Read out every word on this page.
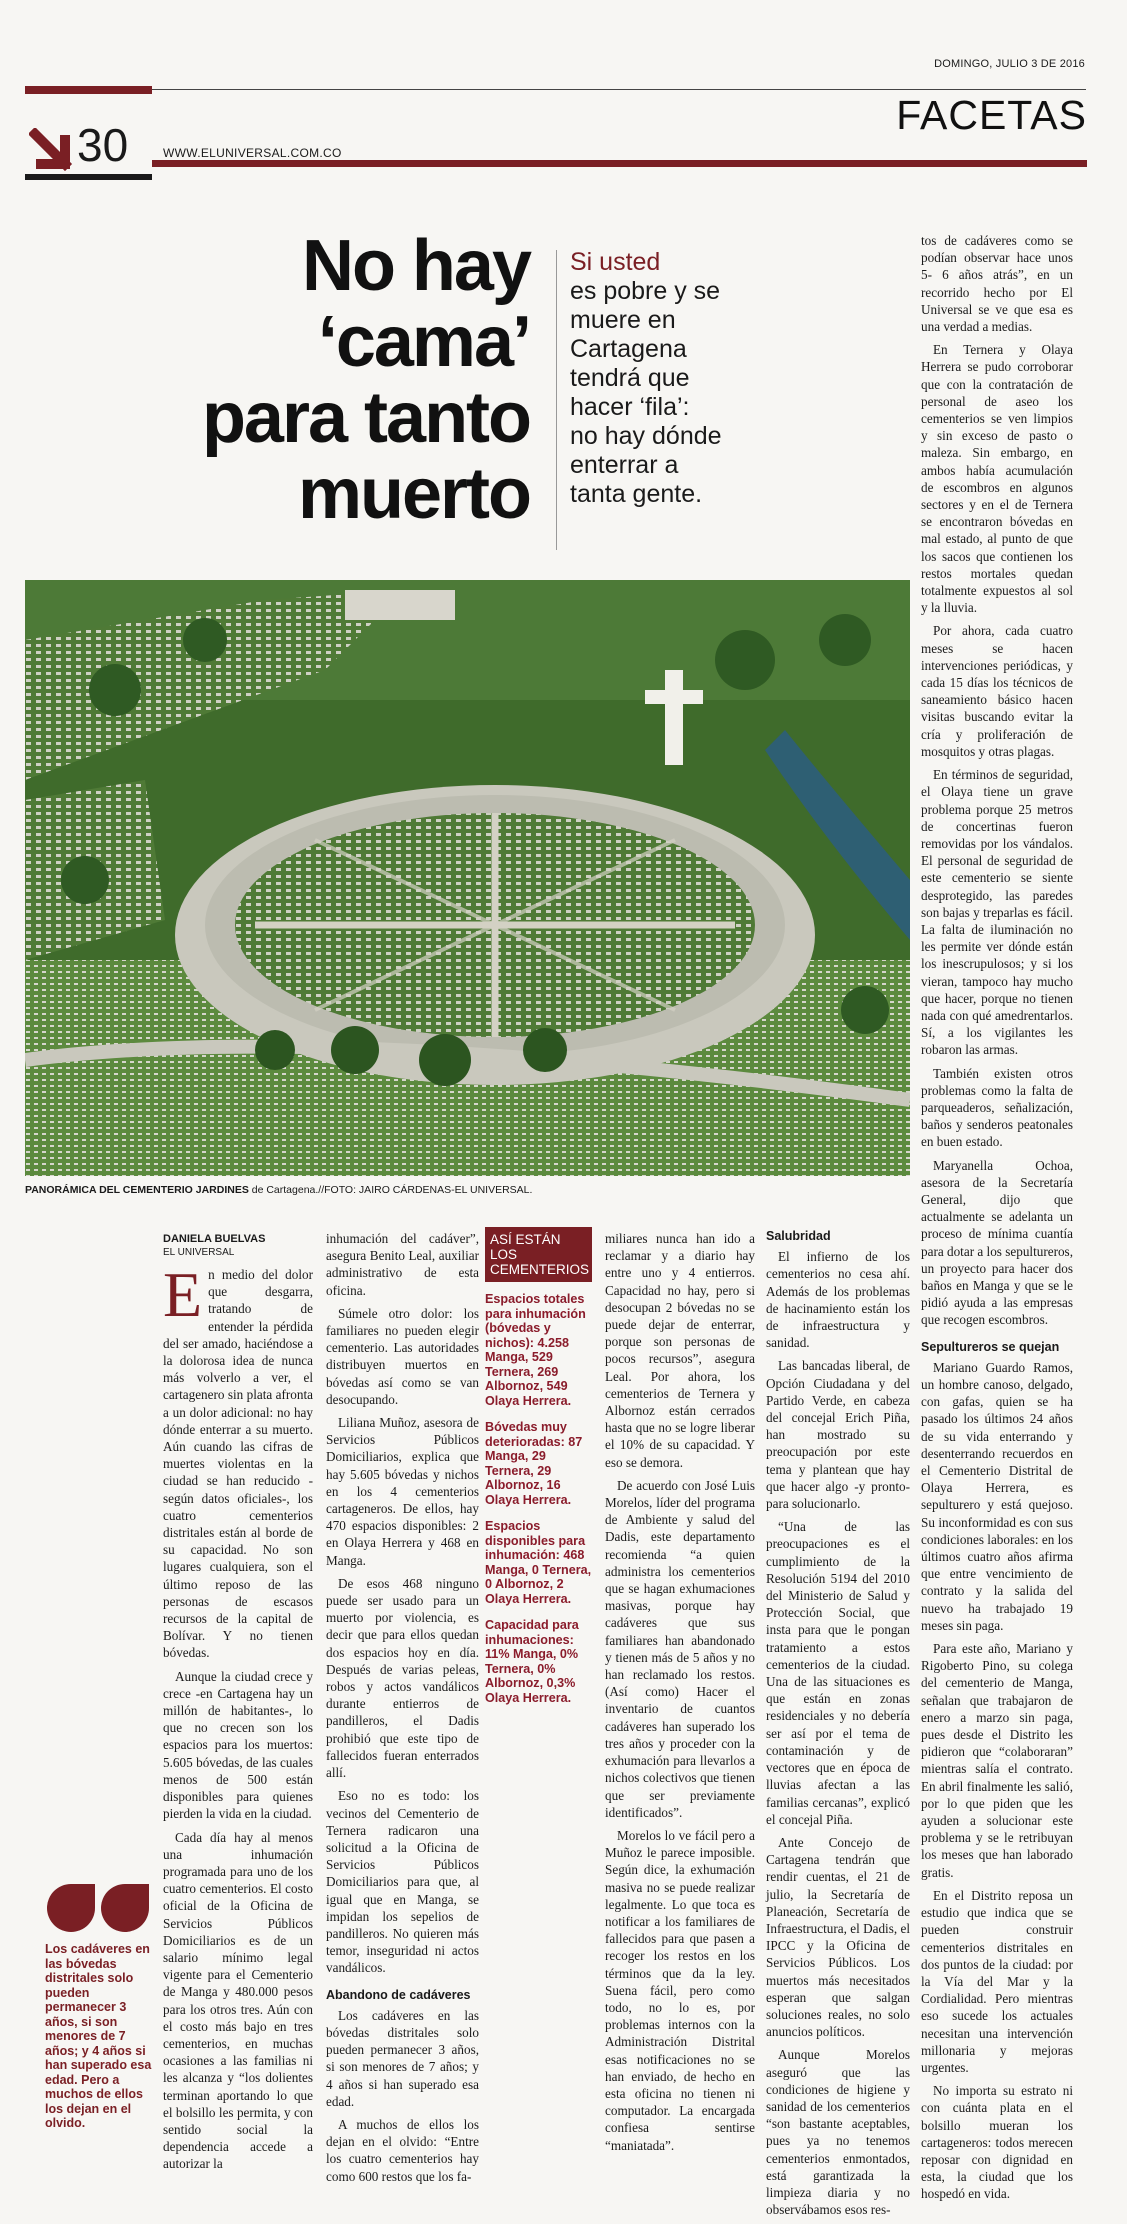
DOMINGO, JULIO 3 DE 2016
30	WWW.ELUNIVERSAL.COM.CO
FACETAS
No hay
‘cama’
para tanto
muerto
Si usted
es pobre y se
muere en
Cartagena
tendrá que
hacer ‘fila’:
no hay dónde
enterrar a
tanta gente.
PANORÁMICA DEL CEMENTERIO JARDINES de Cartagena.//FOTO: JAIRO CÁRDENAS-EL UNIVERSAL.
DANIELA BUELVAS
EL UNIVERSAL

En medio del dolor que desgarra, tratando de entender la pérdida del ser amado, haciéndose a la dolorosa idea de nunca más volverlo a ver, el cartagenero sin plata afronta a un dolor adicional: no hay dónde enterrar a su muerto. Aún cuando las cifras de muertes violentas en la ciudad se han reducido -según datos oficiales-, los cuatro cementerios distritales están al borde de su capacidad. No son lugares cualquiera, son el último reposo de las personas de escasos recursos de la capital de Bolívar. Y no tienen bóvedas.

Aunque la ciudad crece y crece -en Cartagena hay un millón de habitantes-, lo que no crecen son los espacios para los muertos: 5.605 bóvedas, de las cuales menos de 500 están disponibles para quienes pierden la vida en la ciudad.

Cada día hay al menos una inhumación programada para uno de los cuatro cementerios. El costo oficial de la Oficina de Servicios Públicos Domiciliarios es de un salario mínimo legal vigente para el Cementerio de Manga y 480.000 pesos para los otros tres. Aún con el costo más bajo en tres cementerios, en muchas ocasiones a las familias ni les alcanza y “los dolientes terminan aportando lo que el bolsillo les permita, y con sentido social la dependencia accede a autorizar la

Los cadáveres en las bóvedas distritales solo pueden permanecer 3 años, si son menores de 7 años; y 4 años si han superado esa edad. Pero a muchos de ellos los dejan en el olvido.

inhumación del cadáver”, asegura Benito Leal, auxiliar administrativo de esta oficina.

Súmele otro dolor: los familiares no pueden elegir cementerio. Las autoridades distribuyen muertos en bóvedas así como se van desocupando.

Liliana Muñoz, asesora de Servicios Públicos Domiciliarios, explica que hay 5.605 bóvedas y nichos en los 4 cementerios cartageneros. De ellos, hay 470 espacios disponibles: 2 en Olaya Herrera y 468 en Manga.

De esos 468 ninguno puede ser usado para un muerto por violencia, es decir que para ellos quedan dos espacios hoy en día. Después de varias peleas, robos y actos vandálicos durante entierros de pandilleros, el Dadis prohibió que este tipo de fallecidos fueran enterrados allí.

Eso no es todo: los vecinos del Cementerio de Ternera radicaron una solicitud a la Oficina de Servicios Públicos Domiciliarios para que, al igual que en Manga, se impidan los sepelios de pandilleros. No quieren más temor, inseguridad ni actos vandálicos.

Abandono de cadáveres

Los cadáveres en las bóvedas distritales solo pueden permanecer 3 años, si son menores de 7 años; y 4 años si han superado esa edad.

A muchos de ellos los dejan en el olvido: “Entre los cuatro cementerios hay como 600 restos que los fa-

ASÍ ESTÁN LOS CEMENTERIOS

Espacios totales para inhumación (bóvedas y nichos): 4.258 Manga, 529 Ternera, 269 Albornoz, 549 Olaya Herrera.

Bóvedas muy deterioradas: 87 Manga, 29 Ternera, 29 Albornoz, 16 Olaya Herrera.

Espacios disponibles para inhumación: 468 Manga, 0 Ternera, 0 Albornoz, 2 Olaya Herrera.

Capacidad para inhumaciones: 11% Manga, 0% Ternera, 0% Albornoz, 0,3% Olaya Herrera.

miliares nunca han ido a reclamar y a diario hay entre uno y 4 entierros. Capacidad no hay, pero si desocupan 2 bóvedas no se puede dejar de enterrar, porque son personas de pocos recursos”, asegura Leal. Por ahora, los cementerios de Ternera y Albornoz están cerrados hasta que no se logre liberar el 10% de su capacidad. Y eso se demora.

De acuerdo con José Luis Morelos, líder del programa de Ambiente y salud del Dadis, este departamento recomienda “a quien administra los cementerios que se hagan exhumaciones masivas, porque hay cadáveres que sus familiares han abandonado y tienen más de 5 años y no han reclamado los restos. (Así como) Hacer el inventario de cuantos cadáveres han superado los tres años y proceder con la exhumación para llevarlos a nichos colectivos que tienen que ser previamente identificados”.

Morelos lo ve fácil pero a Muñoz le parece imposible. Según dice, la exhumación masiva no se puede realizar legalmente. Lo que toca es notificar a los familiares de fallecidos para que pasen a recoger los restos en los términos que da la ley. Suena fácil, pero como todo, no lo es, por problemas internos con la Administración Distrital esas notificaciones no se han enviado, de hecho en esta oficina no tienen ni computador. La encargada confiesa sentirse “maniatada”.

Salubridad

El infierno de los cementerios no cesa ahí. Además de los problemas de hacinamiento están los de infraestructura y sanidad.

Las bancadas liberal, de Opción Ciudadana y del Partido Verde, en cabeza del concejal Erich Piña, han mostrado su preocupación por este tema y plantean que hay que hacer algo -y pronto- para solucionarlo.

“Una de las preocupaciones es el cumplimiento de la Resolución 5194 del 2010 del Ministerio de Salud y Protección Social, que insta para que le pongan tratamiento a estos cementerios de la ciudad. Una de las situaciones es que están en zonas residenciales y no debería ser así por el tema de contaminación y de vectores que en época de lluvias afectan a las familias cercanas”, explicó el concejal Piña.

Ante Concejo de Cartagena tendrán que rendir cuentas, el 21 de julio, la Secretaría de Planeación, Secretaría de Infraestructura, el Dadis, el IPCC y la Oficina de Servicios Públicos. Los muertos más necesitados esperan que salgan soluciones reales, no solo anuncios políticos.

Aunque Morelos aseguró que las condiciones de higiene y sanidad de los cementerios “son bastante aceptables, pues ya no tenemos cementerios enmontados, está garantizada la limpieza diaria y no observábamos esos res-

tos de cadáveres como se podían observar hace unos 5- 6 años atrás”, en un recorrido hecho por El Universal se ve que esa es una verdad a medias.

En Ternera y Olaya Herrera se pudo corroborar que con la contratación de personal de aseo los cementerios se ven limpios y sin exceso de pasto o maleza. Sin embargo, en ambos había acumulación de escombros en algunos sectores y en el de Ternera se encontraron bóvedas en mal estado, al punto de que los sacos que contienen los restos mortales quedan totalmente expuestos al sol y la lluvia.

Por ahora, cada cuatro meses se hacen intervenciones periódicas, y cada 15 días los técnicos de saneamiento básico hacen visitas buscando evitar la cría y proliferación de mosquitos y otras plagas.

En términos de seguridad, el Olaya tiene un grave problema porque 25 metros de concertinas fueron removidas por los vándalos. El personal de seguridad de este cementerio se siente desprotegido, las paredes son bajas y treparlas es fácil. La falta de iluminación no les permite ver dónde están los inescrupulosos; y si los vieran, tampoco hay mucho que hacer, porque no tienen nada con qué amedrentarlos. Sí, a los vigilantes les robaron las armas.

También existen otros problemas como la falta de parqueaderos, señalización, baños y senderos peatonales en buen estado.

Maryanella Ochoa, asesora de la Secretaría General, dijo que actualmente se adelanta un proceso de mínima cuantía para dotar a los sepultureros, un proyecto para hacer dos baños en Manga y que se le pidió ayuda a las empresas que recogen escombros.

Sepultureros se quejan

Mariano Guardo Ramos, un hombre canoso, delgado, con gafas, quien se ha pasado los últimos 24 años de su vida enterrando y desenterrando recuerdos en el Cementerio Distrital de Olaya Herrera, es sepulturero y está quejoso. Su inconformidad es con sus condiciones laborales: en los últimos cuatro años afirma que entre vencimiento de contrato y la salida del nuevo ha trabajado 19 meses sin paga.

Para este año, Mariano y Rigoberto Pino, su colega del cementerio de Manga, señalan que trabajaron de enero a marzo sin paga, pues desde el Distrito les pidieron que “colaboraran” mientras salía el contrato. En abril finalmente les salió, por lo que piden que les ayuden a solucionar este problema y se le retribuyan los meses que han laborado gratis.

En el Distrito reposa un estudio que indica que se pueden construir cementerios distritales en dos puntos de la ciudad: por la Vía del Mar y la Cordialidad. Pero mientras eso sucede los actuales necesitan una intervención millonaria y mejoras urgentes.

No importa su estrato ni con cuánta plata en el bolsillo mueran los cartageneros: todos merecen reposar con dignidad en esta, la ciudad que los hospedó en vida.
